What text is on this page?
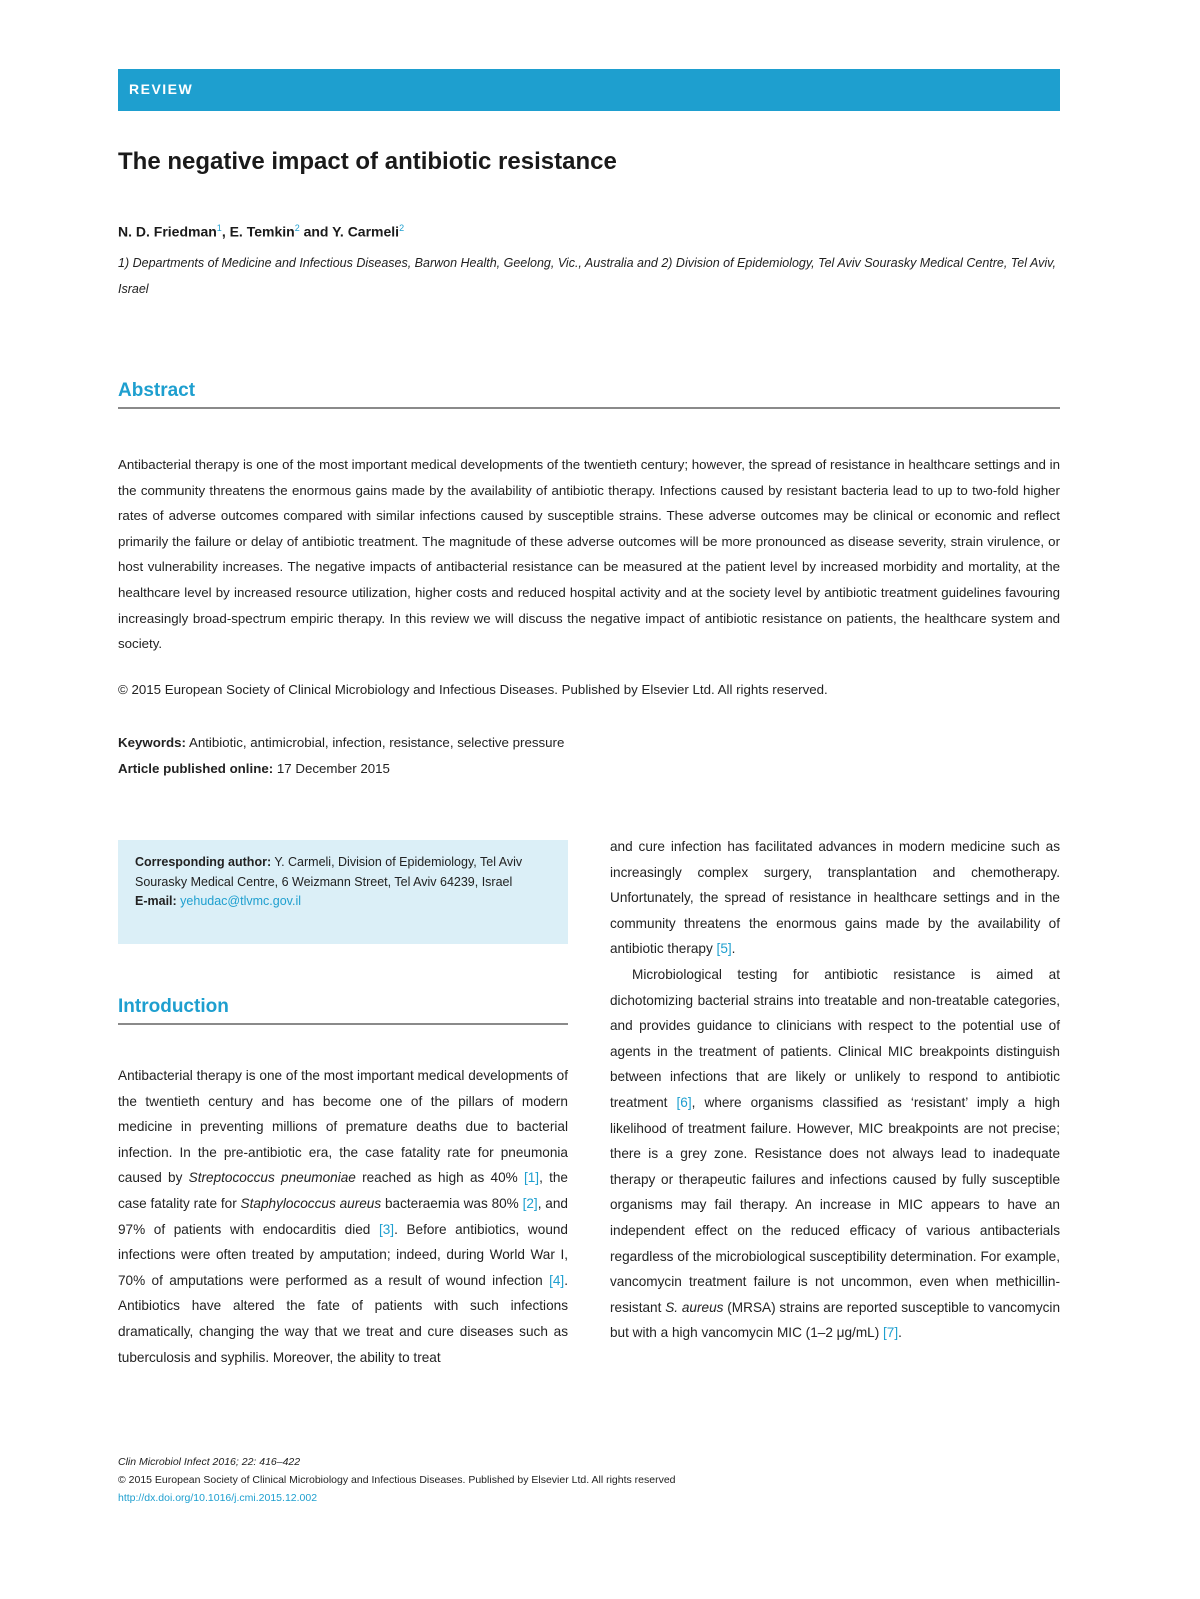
REVIEW
The negative impact of antibiotic resistance
N. D. Friedman$^1$, E. Temkin$^2$ and Y. Carmeli$^2$
1) Departments of Medicine and Infectious Diseases, Barwon Health, Geelong, Vic., Australia and 2) Division of Epidemiology, Tel Aviv Sourasky Medical Centre, Tel Aviv, Israel
Abstract

Antibacterial therapy is one of the most important medical developments of the twentieth century; however, the spread of resistance in healthcare settings and in the community threatens the enormous gains made by the availability of antibiotic therapy. Infections caused by resistant bacteria lead to up to two-fold higher rates of adverse outcomes compared with similar infections caused by susceptible strains. These adverse outcomes may be clinical or economic and reflect primarily the failure or delay of antibiotic treatment. The magnitude of these adverse outcomes will be more pronounced as disease severity, strain virulence, or host vulnerability increases. The negative impacts of antibacterial resistance can be measured at the patient level by increased morbidity and mortality, at the healthcare level by increased resource utilization, higher costs and reduced hospital activity and at the society level by antibiotic treatment guidelines favouring increasingly broad-spectrum empiric therapy. In this review we will discuss the negative impact of antibiotic resistance on patients, the healthcare system and society.

© 2015 European Society of Clinical Microbiology and Infectious Diseases. Published by Elsevier Ltd. All rights reserved.
Keywords: Antibiotic, antimicrobial, infection, resistance, selective pressure
Article published online: 17 December 2015
Corresponding author: Y. Carmeli, Division of Epidemiology, Tel Aviv Sourasky Medical Centre, 6 Weizmann Street, Tel Aviv 64239, Israel
E-mail: yehudac@tlvmc.gov.il
Introduction

Antibacterial therapy is one of the most important medical developments of the twentieth century and has become one of the pillars of modern medicine in preventing millions of premature deaths due to bacterial infection. In the pre-antibiotic era, the case fatality rate for pneumonia caused by Streptococcus pneumoniae reached as high as 40% [1], the case fatality rate for Staphylococcus aureus bacteraemia was 80% [2], and 97% of patients with endocarditis died [3]. Before antibiotics, wound infections were often treated by amputation; indeed, during World War I, 70% of amputations were performed as a result of wound infection [4]. Antibiotics have altered the fate of patients with such infections dramatically, changing the way that we treat and cure diseases such as tuberculosis and syphilis. Moreover, the ability to treat

and cure infection has facilitated advances in modern medicine such as increasingly complex surgery, transplantation and chemotherapy. Unfortunately, the spread of resistance in healthcare settings and in the community threatens the enormous gains made by the availability of antibiotic therapy [5].

Microbiological testing for antibiotic resistance is aimed at dichotomizing bacterial strains into treatable and non-treatable categories, and provides guidance to clinicians with respect to the potential use of agents in the treatment of patients. Clinical MIC breakpoints distinguish between infections that are likely or unlikely to respond to antibiotic treatment [6], where organisms classified as ‘resistant’ imply a high likelihood of treatment failure. However, MIC breakpoints are not precise; there is a grey zone. Resistance does not always lead to inadequate therapy or therapeutic failures and infections caused by fully susceptible organisms may fail therapy. An increase in MIC appears to have an independent effect on the reduced efficacy of various antibacterials regardless of the microbiological susceptibility determination. For example, vancomycin treatment failure is not uncommon, even when methicillin-resistant S. aureus (MRSA) strains are reported susceptible to vancomycin but with a high vancomycin MIC (1–2 μg/mL) [7].

Clin Microbiol Infect 2016; 22: 416–422
© 2015 European Society of Clinical Microbiology and Infectious Diseases. Published by Elsevier Ltd. All rights reserved
http://dx.doi.org/10.1016/j.cmi.2015.12.002
